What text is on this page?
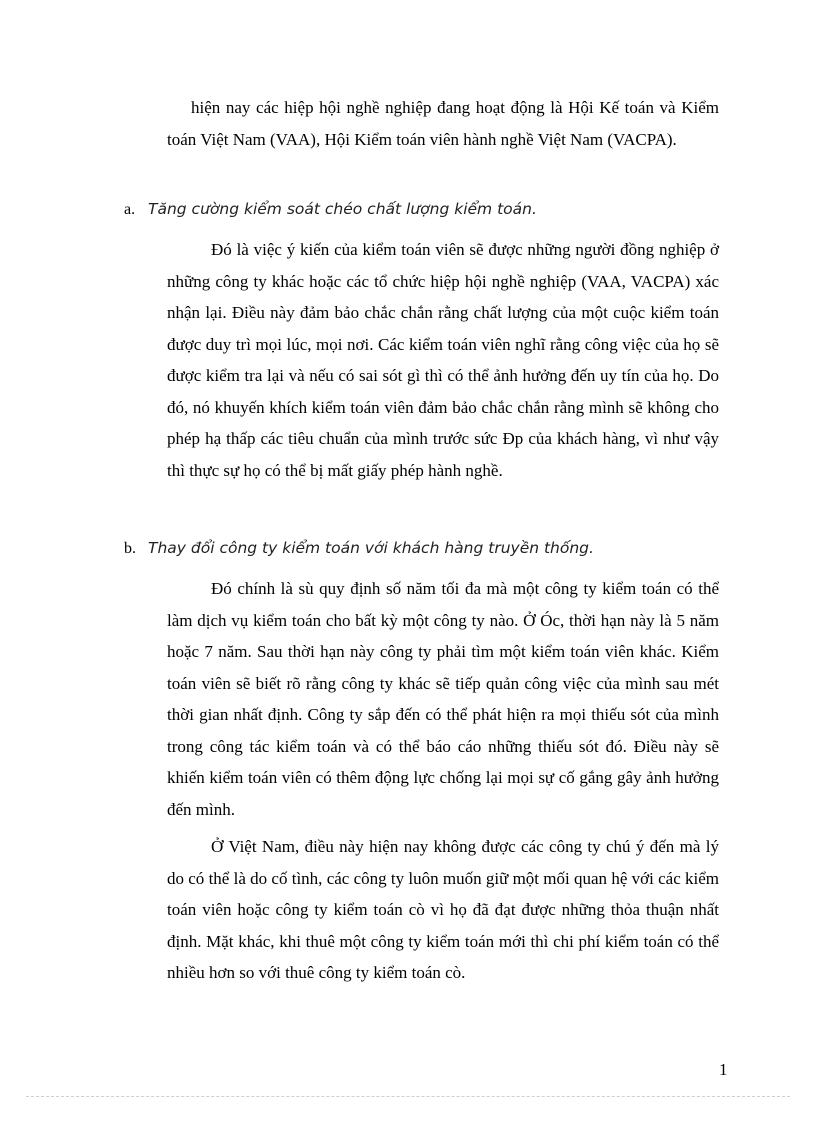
hiện nay các hiệp hội nghề nghiệp đang hoạt động là Hội Kế toán và Kiểm toán Việt Nam (VAA), Hội Kiểm toán viên hành nghề Việt Nam (VACPA).

a. Tăng cường kiểm soát chéo chất lượng kiểm toán.

Đó là việc ý kiến của kiểm toán viên sẽ được những người đồng nghiệp ở những công ty khác hoặc các tổ chức hiệp hội nghề nghiệp (VAA, VACPA) xác nhận lại. Điều này đảm bảo chắc chắn rằng chất lượng của một cuộc kiểm toán được duy trì mọi lúc, mọi nơi. Các kiểm toán viên nghĩ rằng công việc của họ sẽ được kiểm tra lại và nếu có sai sót gì thì có thể ảnh hưởng đến uy tín của họ. Do đó, nó khuyến khích kiểm toán viên đảm bảo chắc chắn rằng mình sẽ không cho phép hạ thấp các tiêu chuẩn của mình trước sức Ðp của khách hàng, vì như vậy thì thực sự họ có thể bị mất giấy phép hành nghề.

b. Thay đổi công ty kiểm toán với khách hàng truyền thống.

Đó chính là sù quy định số năm tối đa mà một công ty kiểm toán có thể làm dịch vụ kiểm toán cho bất kỳ một công ty nào. Ở Óc, thời hạn này là 5 năm hoặc 7 năm. Sau thời hạn này công ty phải tìm một kiểm toán viên khác. Kiểm toán viên sẽ biết rõ rằng công ty khác sẽ tiếp quản công việc của mình sau mét thời gian nhất định. Công ty sắp đến có thể phát hiện ra mọi thiếu sót của mình trong công tác kiểm toán và có thể báo cáo những thiếu sót đó. Điều này sẽ khiến kiểm toán viên có thêm động lực chống lại mọi sự cố gắng gây ảnh hưởng đến mình.

Ở Việt Nam, điều này hiện nay không được các công ty chú ý đến mà lý do có thể là do cố tình, các công ty luôn muốn giữ một mối quan hệ với các kiểm toán viên hoặc công ty kiểm toán cò vì họ đã đạt được những thỏa thuận nhất định. Mặt khác, khi thuê một công ty kiểm toán mới thì chi phí kiểm toán có thể nhiều hơn so với thuê công ty kiểm toán cò.

1
